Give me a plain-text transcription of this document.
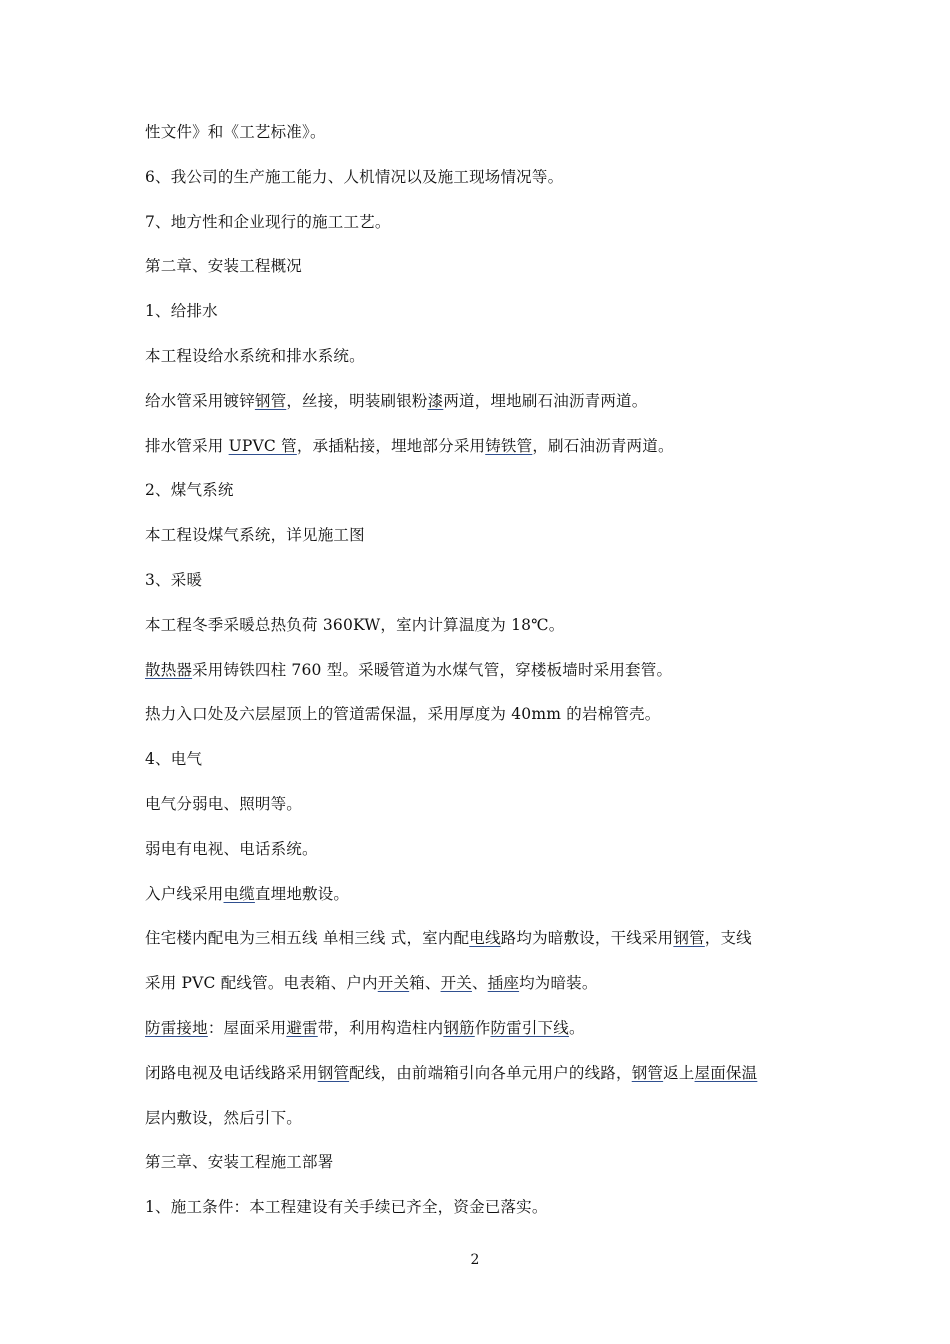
性文件》和《工艺标准》。
6、我公司的生产施工能力、人机情况以及施工现场情况等。
7、地方性和企业现行的施工工艺。
第二章、安装工程概况
1、给排水
本工程设给水系统和排水系统。
给水管采用镀锌钢管，丝接，明装刷银粉漆两道，埋地刷石油沥青两道。
排水管采用 UPVC 管，承插粘接，埋地部分采用铸铁管，刷石油沥青两道。
2、煤气系统
本工程设煤气系统，详见施工图
3、采暖
本工程冬季采暖总热负荷 360KW，室内计算温度为 18℃。
散热器采用铸铁四柱 760 型。采暖管道为水煤气管，穿楼板墙时采用套管。
热力入口处及六层屋顶上的管道需保温，采用厚度为 40mm 的岩棉管壳。
4、电气
电气分弱电、照明等。
弱电有电视、电话系统。
入户线采用电缆直埋地敷设。
住宅楼内配电为三相五线 单相三线 式，室内配电线路均为暗敷设，干线采用钢管，支线
采用 PVC 配线管。电表箱、户内开关箱、开关、插座均为暗装。
防雷接地：屋面采用避雷带，利用构造柱内钢筋作防雷引下线。
闭路电视及电话线路采用钢管配线，由前端箱引向各单元用户的线路，钢管返上屋面保温
层内敷设，然后引下。
第三章、安装工程施工部署
1、施工条件：本工程建设有关手续已齐全，资金已落实。
2
